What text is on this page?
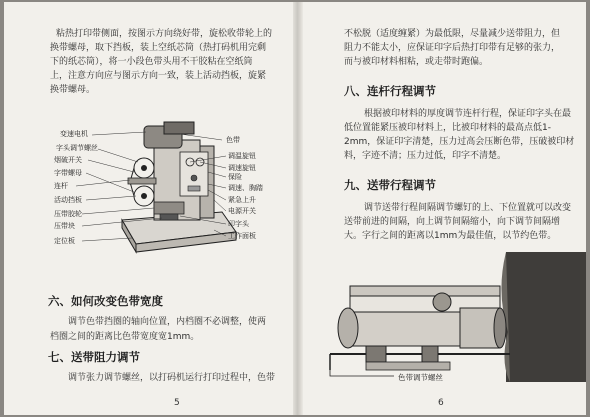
粘热打印带侧面，按图示方向绕好带，旋松收带轮上的
换带螺母，取下挡板，装上空纸芯筒（热打码机用完剩
下的纸芯筒），将一小段色带头用不干胶粘在空纸筒
上，注意方向应与图示方向一致，装上活动挡板，旋紧
换带螺母。
变速电机
字头调节螺丝
烟破开关
字带螺母
连杆
活动挡板
压带胶轮
压带块
定位板
色带
调温旋钮
调速旋钮
保险
调速、胸踏
紧急上升
电源开关
印字头
工作面板
六、如何改变色带宽度
调节色带挡圈的轴向位置，内档圈不必调整，使两
档圈之间的距离比色带宽度宽1mm。
七、送带阻力调节
调节张力调节螺丝，以打码机运行打印过程中，色带
5
不松脱（适度缠紧）为最低限，尽量减少送带阻力，但
阻力不能太小，应保证印字后热打印带有足够的张力，
而与被印材料相粘，或走带时跑偏。
八、连杆行程调节
根据被印材料的厚度调节连杆行程，保证印字头在最
低位置能紧压被印材料上，比被印材料的最高点低1-
2mm，保证印字清楚，压力过高会压断色带，压破被印材
料，字迹不清；压力过低，印字不清楚。
九、送带行程调节
调节送带行程间隔调节螺钉的上、下位置就可以改变
送带前进的间隔，向上调节间隔缩小，向下调节间隔增
大。字行之间的距离以1mm为最佳值，以节约色带。
色带调节螺丝
6
